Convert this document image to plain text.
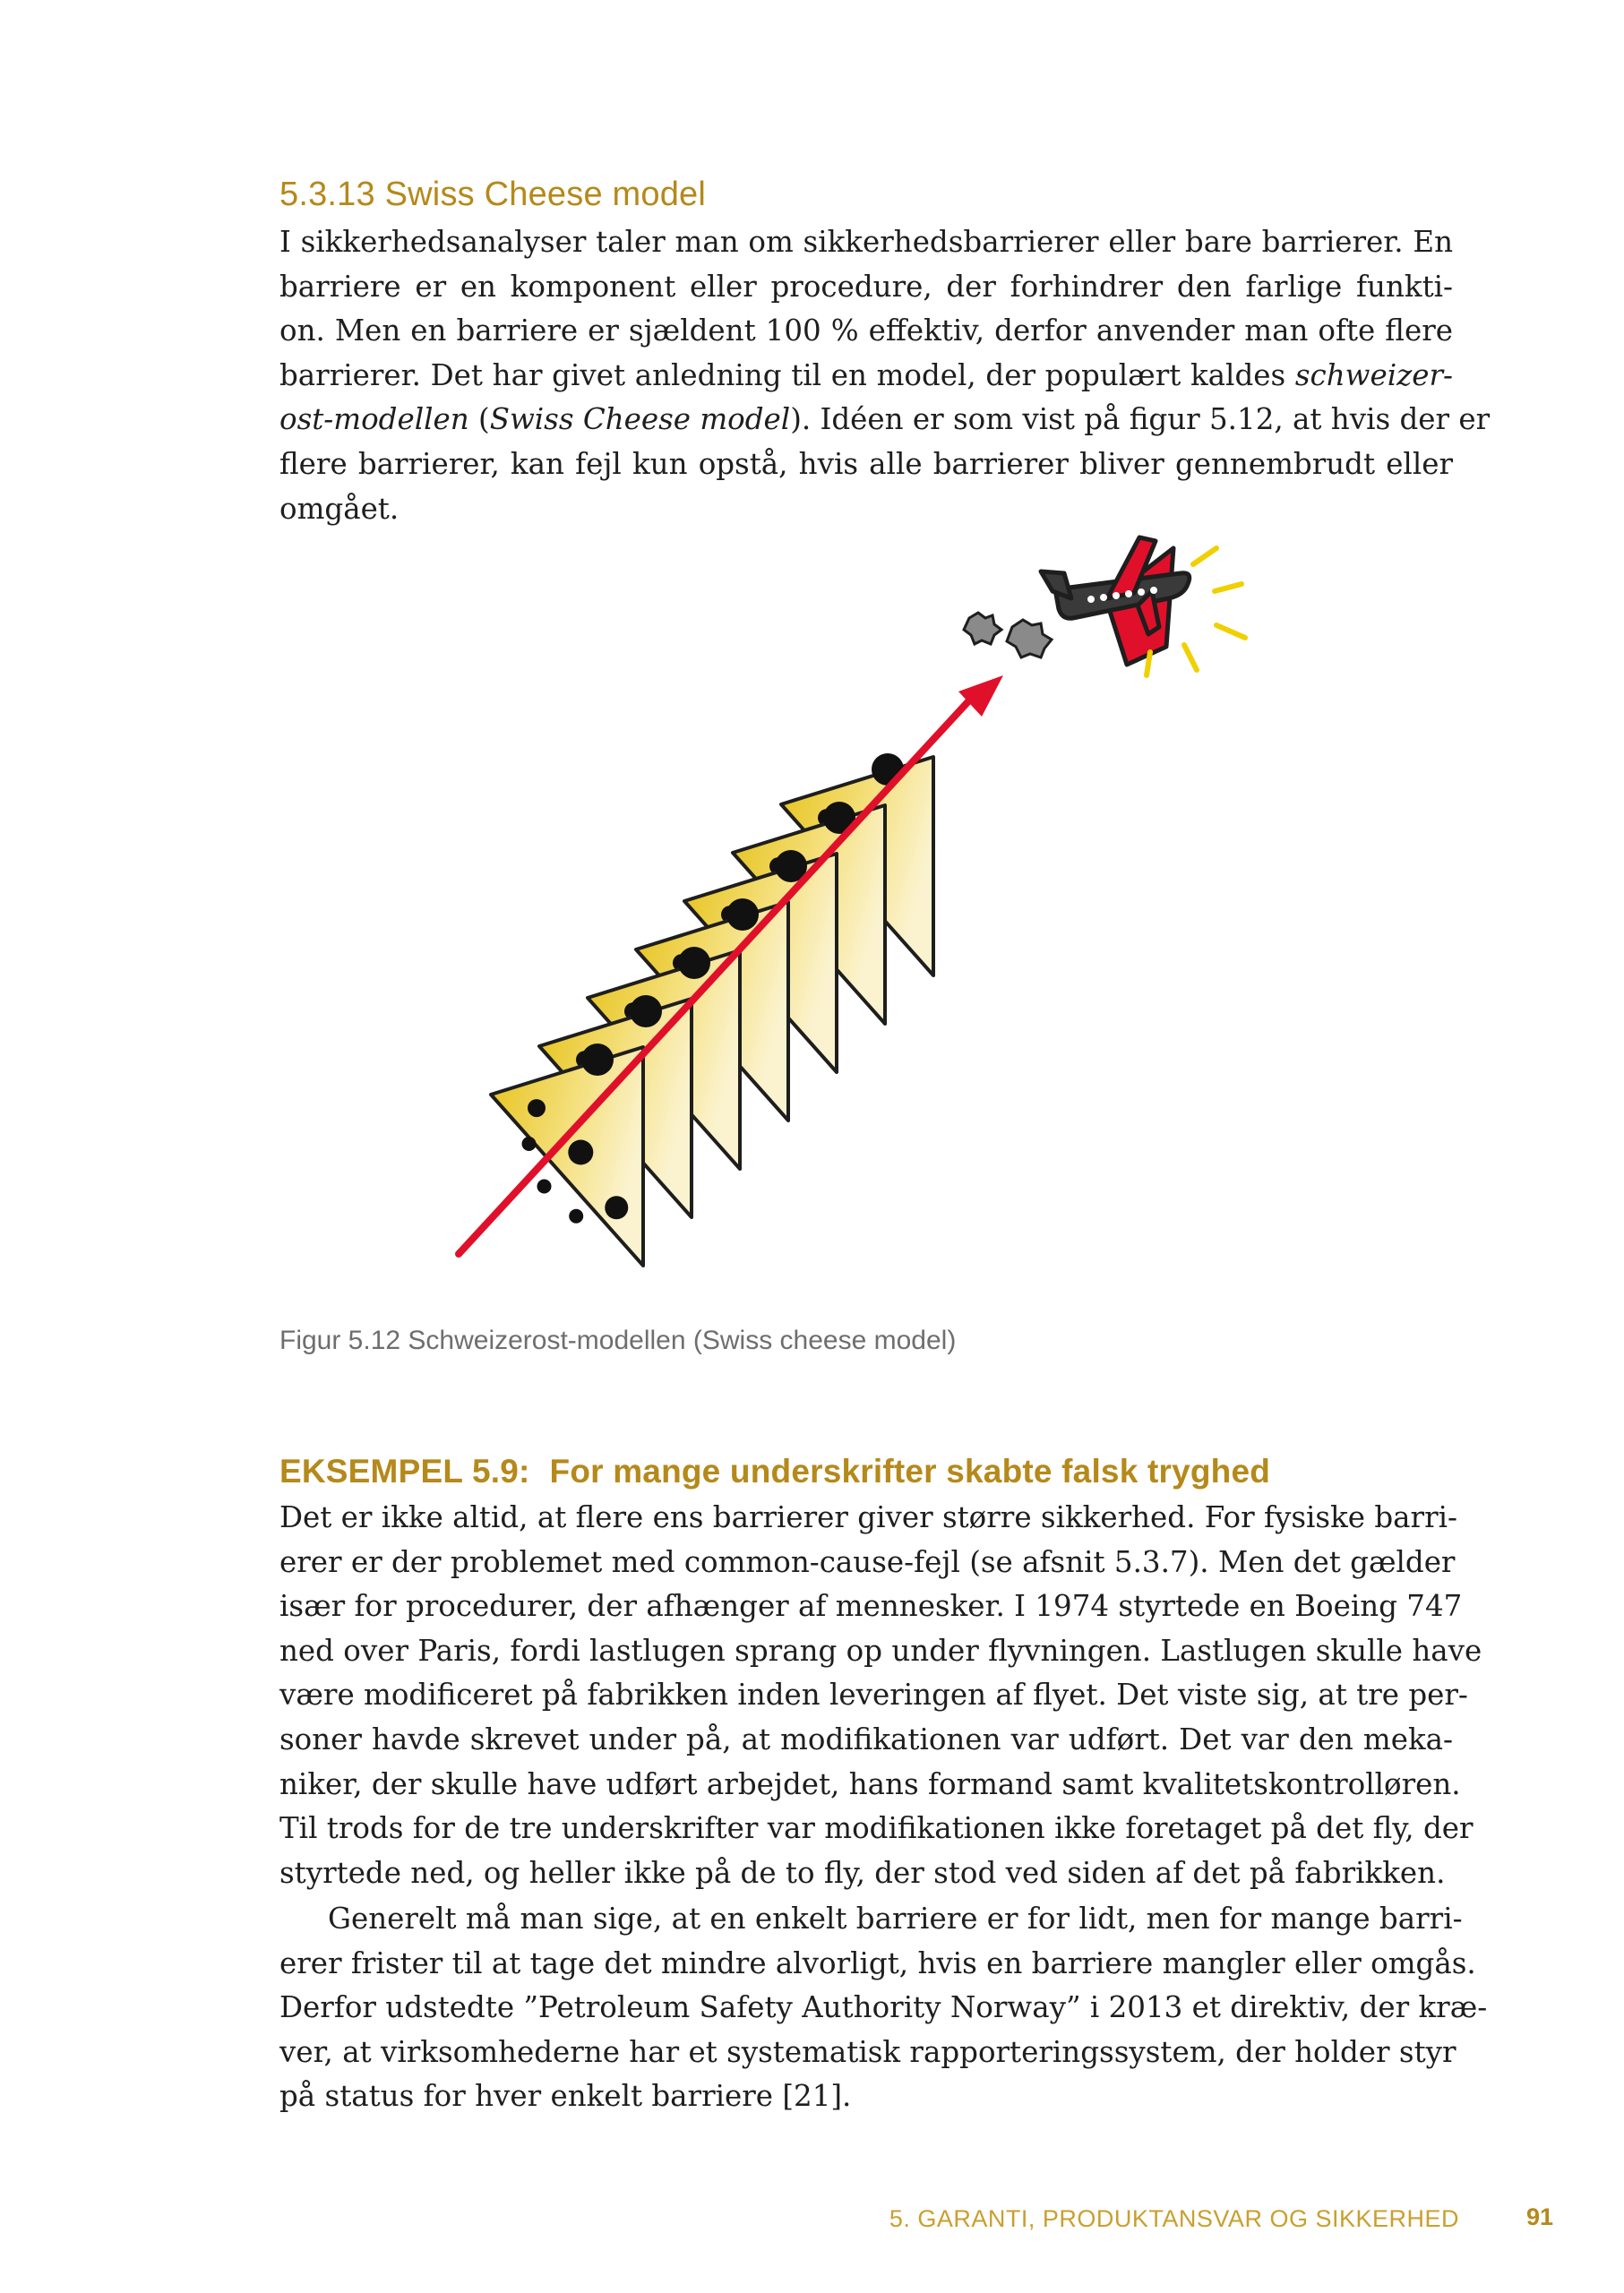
5.3.13 Swiss Cheese model
I sikkerhedsanalyser taler man om sikkerhedsbarrierer eller bare barrierer. En
barriere er en komponent eller procedure, der forhindrer den farlige funkti-
on. Men en barriere er sjældent 100 % effektiv, derfor anvender man ofte flere
barrierer. Det har givet anledning til en model, der populært kaldes schweizer-
ost-modellen (Swiss Cheese model). Idéen er som vist på figur 5.12, at hvis der er
flere barrierer, kan fejl kun opstå, hvis alle barrierer bliver gennembrudt eller
omgået.
Figur 5.12 Schweizerost-modellen (Swiss cheese model)
EKSEMPEL 5.9: For mange underskrifter skabte falsk tryghed
Det er ikke altid, at flere ens barrierer giver større sikkerhed. For fysiske barri-
erer er der problemet med common-cause-fejl (se afsnit 5.3.7). Men det gælder
især for procedurer, der afhænger af mennesker. I 1974 styrtede en Boeing 747
ned over Paris, fordi lastlugen sprang op under flyvningen. Lastlugen skulle have
være modificeret på fabrikken inden leveringen af flyet. Det viste sig, at tre per-
soner havde skrevet under på, at modifikationen var udført. Det var den meka-
niker, der skulle have udført arbejdet, hans formand samt kvalitetskontrolløren.
Til trods for de tre underskrifter var modifikationen ikke foretaget på det fly, der
styrtede ned, og heller ikke på de to fly, der stod ved siden af det på fabrikken.
Generelt må man sige, at en enkelt barriere er for lidt, men for mange barri-
erer frister til at tage det mindre alvorligt, hvis en barriere mangler eller omgås.
Derfor udstedte ”Petroleum Safety Authority Norway” i 2013 et direktiv, der kræ-
ver, at virksomhederne har et systematisk rapporteringssystem, der holder styr
på status for hver enkelt barriere [21].
5. GARANTI, PRODUKTANSVAR OG SIKKERHED	91
